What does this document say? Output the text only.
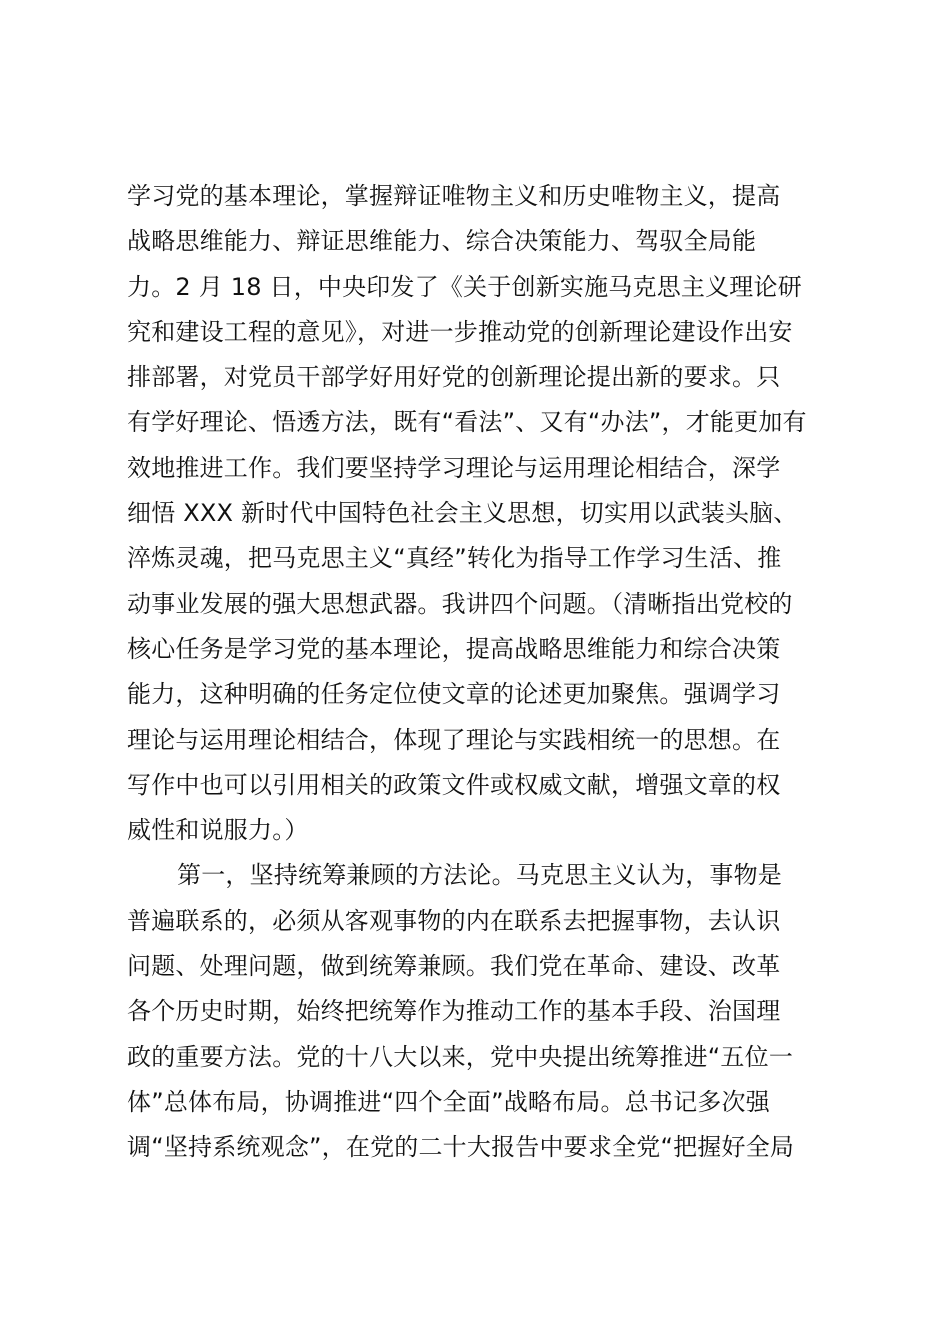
学习党的基本理论，掌握辩证唯物主义和历史唯物主义，提高
战略思维能力、辩证思维能力、综合决策能力、驾驭全局能
力。2 月 18 日，中央印发了《关于创新实施马克思主义理论研
究和建设工程的意见》，对进一步推动党的创新理论建设作出安
排部署，对党员干部学好用好党的创新理论提出新的要求。只
有学好理论、悟透方法，既有“看法”、又有“办法”，才能更加有
效地推进工作。我们要坚持学习理论与运用理论相结合，深学
细悟 XXX 新时代中国特色社会主义思想，切实用以武装头脑、
淬炼灵魂，把马克思主义“真经”转化为指导工作学习生活、推
动事业发展的强大思想武器。我讲四个问题。（清晰指出党校的
核心任务是学习党的基本理论，提高战略思维能力和综合决策
能力，这种明确的任务定位使文章的论述更加聚焦。强调学习
理论与运用理论相结合，体现了理论与实践相统一的思想。在
写作中也可以引用相关的政策文件或权威文献，增强文章的权
威性和说服力。）
第一，坚持统筹兼顾的方法论。马克思主义认为，事物是
普遍联系的，必须从客观事物的内在联系去把握事物，去认识
问题、处理问题，做到统筹兼顾。我们党在革命、建设、改革
各个历史时期，始终把统筹作为推动工作的基本手段、治国理
政的重要方法。党的十八大以来，党中央提出统筹推进“五位一
体”总体布局，协调推进“四个全面”战略布局。总书记多次强
调“坚持系统观念”，在党的二十大报告中要求全党“把握好全局
